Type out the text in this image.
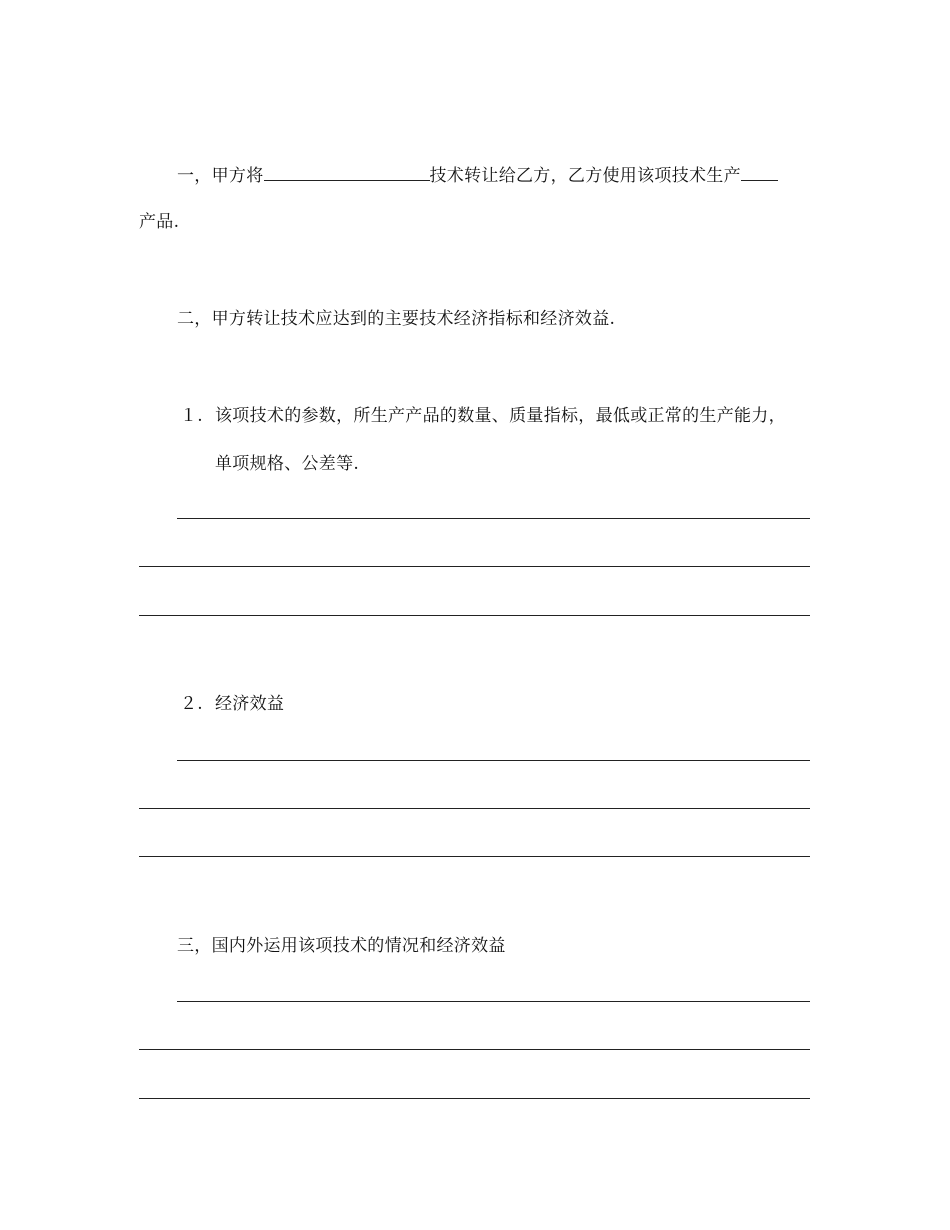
一，甲方将	技术转让给乙方，乙方使用该项技术生产
产品.
二，甲方转让技术应达到的主要技术经济指标和经济效益.
１. 该项技术的参数，所生产产品的数量、质量指标，最低或正常的生产能力，
单项规格、公差等.
２. 经济效益
三，国内外运用该项技术的情况和经济效益
